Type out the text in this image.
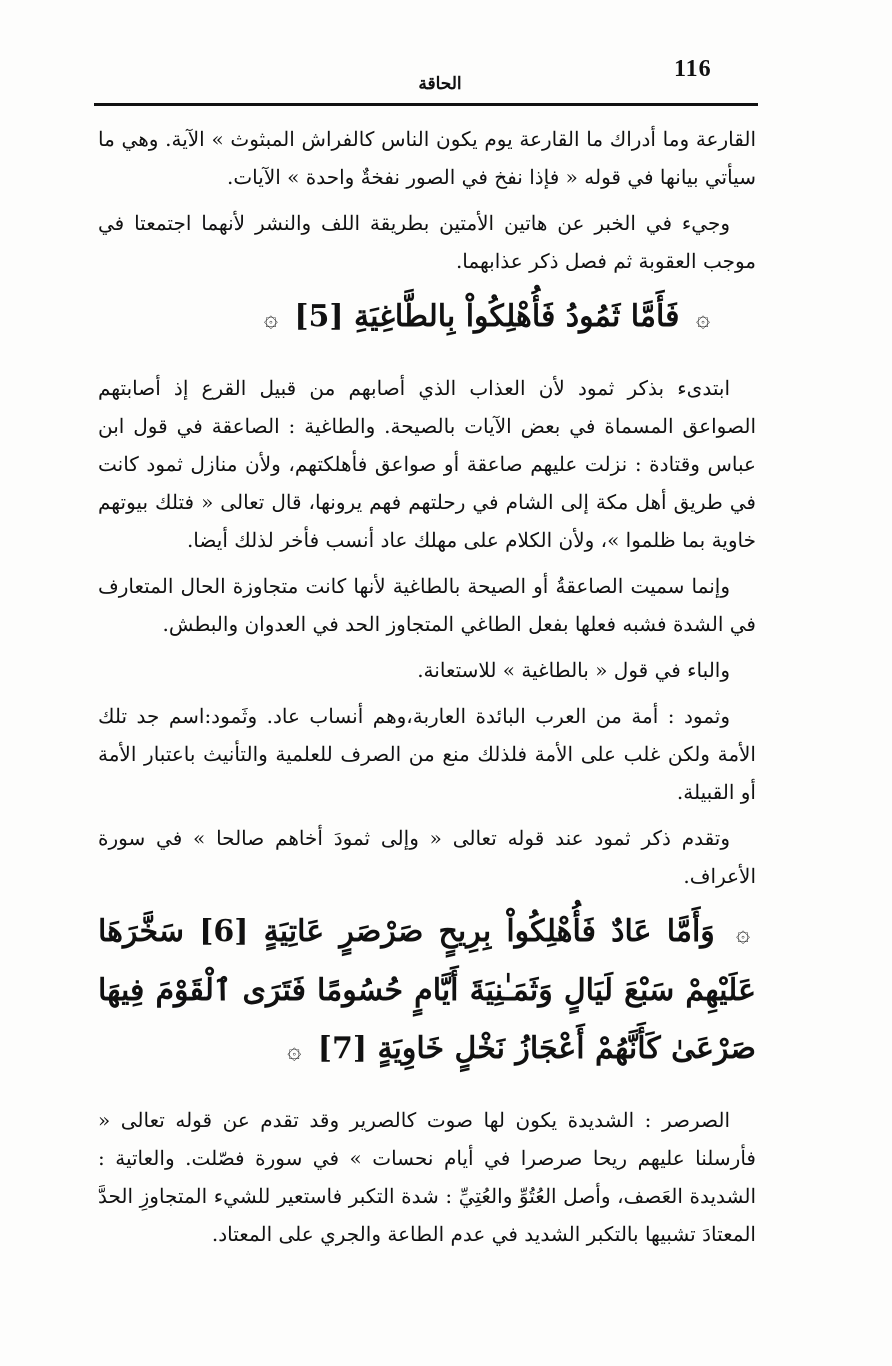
116
الحاقة

القارعة وما أدراك ما القارعة يوم يكون الناس كالفراش المبثوث » الآية. وهي ما سيأتي بيانها في قوله « فإذا نفخ في الصور نفخةٌ واحدة » الآيات.

وجيء في الخبر عن هاتين الأمتين بطريقة اللف والنشر لأنهما اجتمعتا في موجب العقوبة ثم فصل ذكر عذابهما.

۞ فَأَمَّا ثَمُودُ فَأُهْلِكُواْ بِالطَّاغِيَةِ [5] ۞

ابتدىء بذكر ثمود لأن العذاب الذي أصابهم من قبيل القرع إذ أصابتهم الصواعق المسماة في بعض الآيات بالصيحة. والطاغية : الصاعقة في قول ابن عباس وقتادة : نزلت عليهم صاعقة أو صواعق فأهلكتهم، ولأن منازل ثمود كانت في طريق أهل مكة إلى الشام في رحلتهم فهم يرونها، قال تعالى « فتلك بيوتهم خاوية بما ظلموا »، ولأن الكلام على مهلك عاد أنسب فأخر لذلك أيضا.

وإنما سميت الصاعقةُ أو الصيحة بالطاغية لأنها كانت متجاوزة الحال المتعارف في الشدة فشبه فعلها بفعل الطاغي المتجاوز الحد في العدوان والبطش.

والباء في قول « بالطاغية » للاستعانة.

وثمود : أمة من العرب البائدة العاربة،وهم أنساب عاد. وثَمود:اسم جد تلك الأمة ولكن غلب على الأمة فلذلك منع من الصرف للعلمية والتأنيث باعتبار الأمة أو القبيلة.

وتقدم ذكر ثمود عند قوله تعالى « وإلى ثمودَ أخاهم صالحا » في سورة الأعراف.

۞ وَأَمَّا عَادٌ فَأُهْلِكُواْ بِرِيحٍ صَرْصَرٍ عَاتِيَةٍ [6] سَخَّرَهَا عَلَيْهِمْ سَبْعَ لَيَالٍ وَثَمَـٰنِيَةَ أَيَّامٍ حُسُومًا فَتَرَى ٱلْقَوْمَ فِيهَا صَرْعَىٰ كَأَنَّهُمْ أَعْجَازُ نَخْلٍ خَاوِيَةٍ [7] ۞

الصرصر : الشديدة يكون لها صوت كالصرير وقد تقدم عن قوله تعالى « فأرسلنا عليهم ريحا صرصرا في أيام نحسات » في سورة فصّلت. والعاتية : الشديدة العَصف، وأصل العُتُوِّ والعُتِيِّ : شدة التكبر فاستعير للشيء المتجاوزِ الحدَّ المعتادَ تشبيها بالتكبر الشديد في عدم الطاعة والجري على المعتاد.
